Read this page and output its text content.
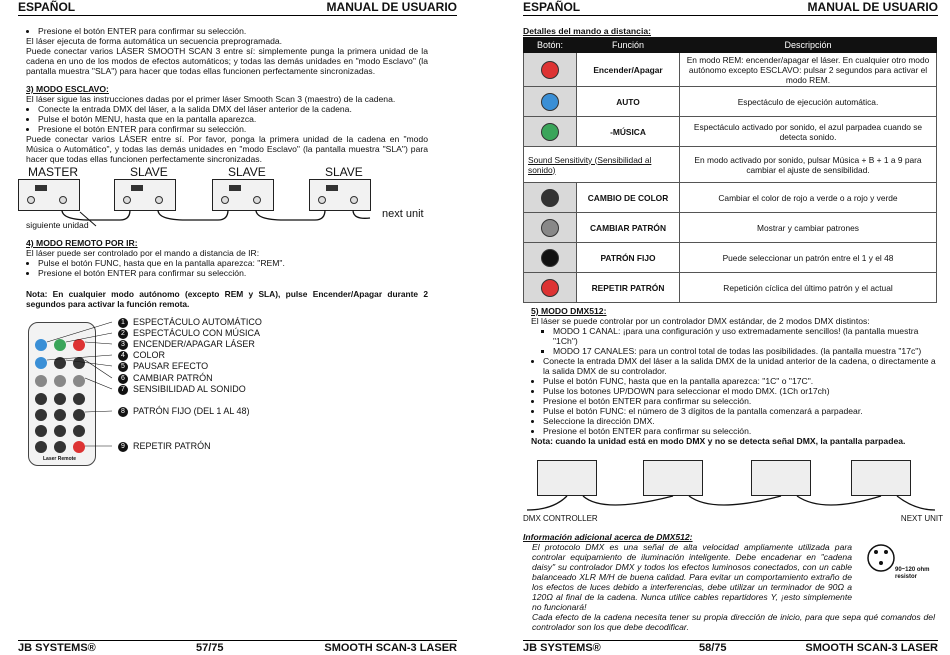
ESPAÑOL	MANUAL DE USUARIO
• Presione el botón ENTER para confirmar su selección.

El láser ejecuta de forma automática un secuencia preprogramada.

Puede conectar varios LÁSER SMOOTH SCAN 3 entre sí: simplemente punga la primera unidad de la cadena en uno de los modos de efectos automáticos; y todas las demás unidades en "modo Esclavo" (la pantalla muestra "SLA") para hacer que todas ellas funcionen perfectamente sincronizadas.

3) MODO ESCLAVO:

El láser sigue las instrucciones dadas por el primer láser Smooth Scan 3 (maestro) de la cadena.

• Conecte la entrada DMX del láser, a la salida DMX del láser anterior de la cadena.
• Pulse el botón MENU, hasta que en la pantalla aparezca.
• Presione el botón ENTER para confirmar su selección.

Puede conectar varios LÁSER entre sí. Por favor, ponga la primera unidad de la cadena en "modo Música o Automático", y todas las demás unidades en "modo Esclavo" (la pantalla muestra "SLA") para hacer que todas ellas funcionen perfectamente sincronizadas.

MASTER	SLAVE	SLAVE	SLAVE
next unit
siguiente unidad
4) MODO REMOTO POR IR:

El láser puede ser controlado por el mando a distancia de IR:

• Pulse el botón FUNC, hasta que en la pantalla aparezca: "REM".
• Presione el botón ENTER para confirmar su selección.
Nota: En cualquier modo autónomo (excepto REM y SLA), pulse Encender/Apagar durante 2 segundos para activar la función remota.
Laser Remote
1 ESPECTÁCULO AUTOMÁTICO
2 ESPECTÁCULO CON MÚSICA
3 ENCENDER/APAGAR LÁSER
4 COLOR
5 PAUSAR EFECTO
6 CAMBIAR PATRÓN
7 SENSIBILIDAD AL SONIDO
8 PATRÓN FIJO (DEL 1 AL 48)
9 REPETIR PATRÓN
JB SYSTEMS®	57/75	SMOOTH SCAN-3 LASER
ESPAÑOL	MANUAL DE USUARIO
Detalles del mando a distancia:
Botón:	Función	Descripción
	Encender/Apagar	En modo REM: encender/apagar el láser. En cualquier otro modo autónomo excepto ESCLAVO: pulsar 2 segundos para activar el modo REM.
	AUTO	Espectáculo de ejecución automática.
	-MÚSICA	Espectáculo activado por sonido, el azul parpadea cuando se detecta sonido.
Sound Sensitivity (Sensibilidad al sonido)		En modo activado por sonido, pulsar Música + B + 1 a 9 para cambiar el ajuste de sensibilidad.
	CAMBIO DE COLOR	Cambiar el color de rojo a verde o a rojo y verde
	CAMBIAR PATRÓN	Mostrar y cambiar patrones
	PATRÓN FIJO	Puede seleccionar un patrón entre el 1 y el 48
	REPETIR PATRÓN	Repetición cíclica del último patrón y el actual
5) MODO DMX512:

El láser se puede controlar por un controlador DMX estándar, de 2 modos DMX distintos:

▪ MODO 1 CANAL: ¡para una configuración y uso extremadamente sencillos! (la pantalla muestra "1Ch")
▪ MODO 17 CANALES: para un control total de todas las posibilidades. (la pantalla muestra "17c")
• Conecte la entrada DMX del láser a la salida DMX de la unidad anterior de la cadena, o directamente a la salida DMX de su controlador.
• Pulse el botón FUNC, hasta que en la pantalla aparezca: "1C" o "17C".
• Pulse los botones UP/DOWN para seleccionar el modo DMX. (1Ch or17ch)
• Presione el botón ENTER para confirmar su selección.
• Pulse el botón FUNC: el número de 3 dígitos de la pantalla comenzará a parpadear.
• Seleccione la dirección DMX.
• Presione el botón ENTER para confirmar su selección.

Nota: cuando la unidad está en modo DMX y no se detecta señal DMX, la pantalla parpadea.

DMX CONTROLLER	NEXT UNIT
Información adicional acerca de DMX512:

El protocolo DMX es una señal de alta velocidad ampliamente utilizada para controlar equipamiento de iluminación inteligente. Debe encadenar en "cadena daisy" su controlador DMX y todos los efectos luminosos conectados, con un cable balanceado XLR M/H de buena calidad. Para evitar un comportamiento extraño de los efectos de luces debido a interferencias, debe utilizar un terminador de 90Ω a 120Ω al final de la cadena. Nunca utilice cables repartidores Y, ¡esto simplemente no funcionará!

Cada efecto de la cadena necesita tener su propia dirección de inicio, para que sepa qué comandos del controlador son los que debe decodificar.

90~120 ohm resistor
JB SYSTEMS®	58/75	SMOOTH SCAN-3 LASER
